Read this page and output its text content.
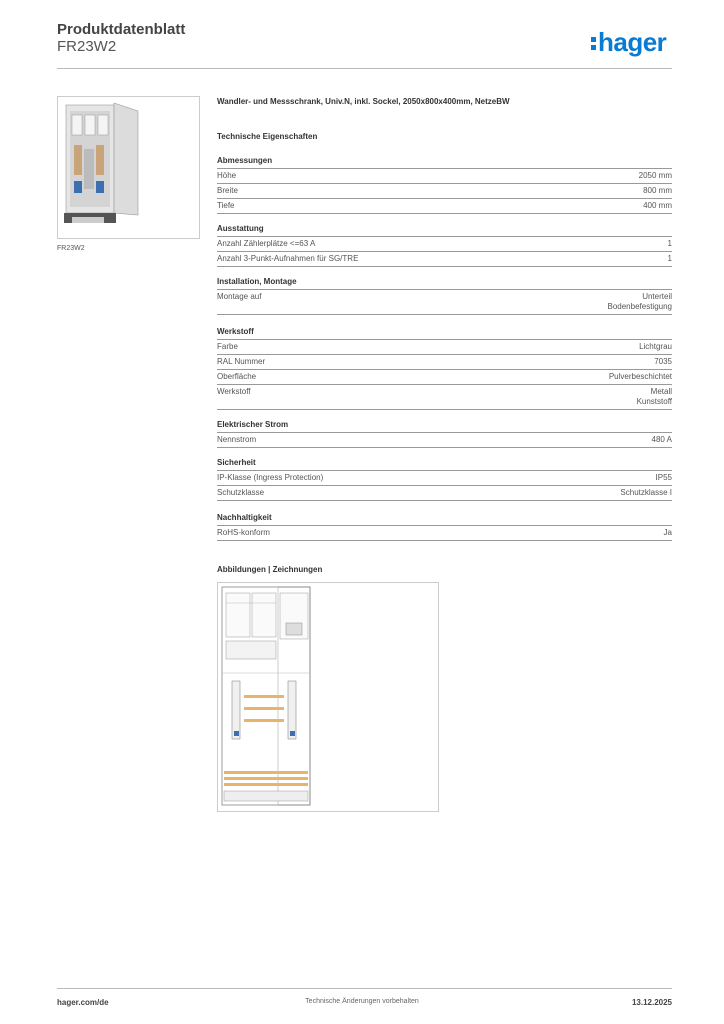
Produktdatenblatt
FR23W2	hager
FR23W2
Wandler- und Messschrank, Univ.N, inkl. Sockel, 2050x800x400mm, NetzeBW
Technische Eigenschaften
Abmessungen
Höhe	2050 mm
Breite	800 mm
Tiefe	400 mm
Ausstattung
Anzahl Zählerplätze <=63 A	1
Anzahl 3-Punkt-Aufnahmen für SG/TRE	1
Installation, Montage
Montage auf	Unterteil
Bodenbefestigung
Werkstoff
Farbe	Lichtgrau
RAL Nummer	7035
Oberfläche	Pulverbeschichtet
Werkstoff	Metall
Kunststoff
Elektrischer Strom
Nennstrom	480 A
Sicherheit
IP-Klasse (Ingress Protection)	IP55
Schutzklasse	Schutzklasse I
Nachhaltigkeit
RoHS-konform	Ja
Abbildungen | Zeichnungen
hager.com/de	Technische Änderungen vorbehalten	13.12.2025
